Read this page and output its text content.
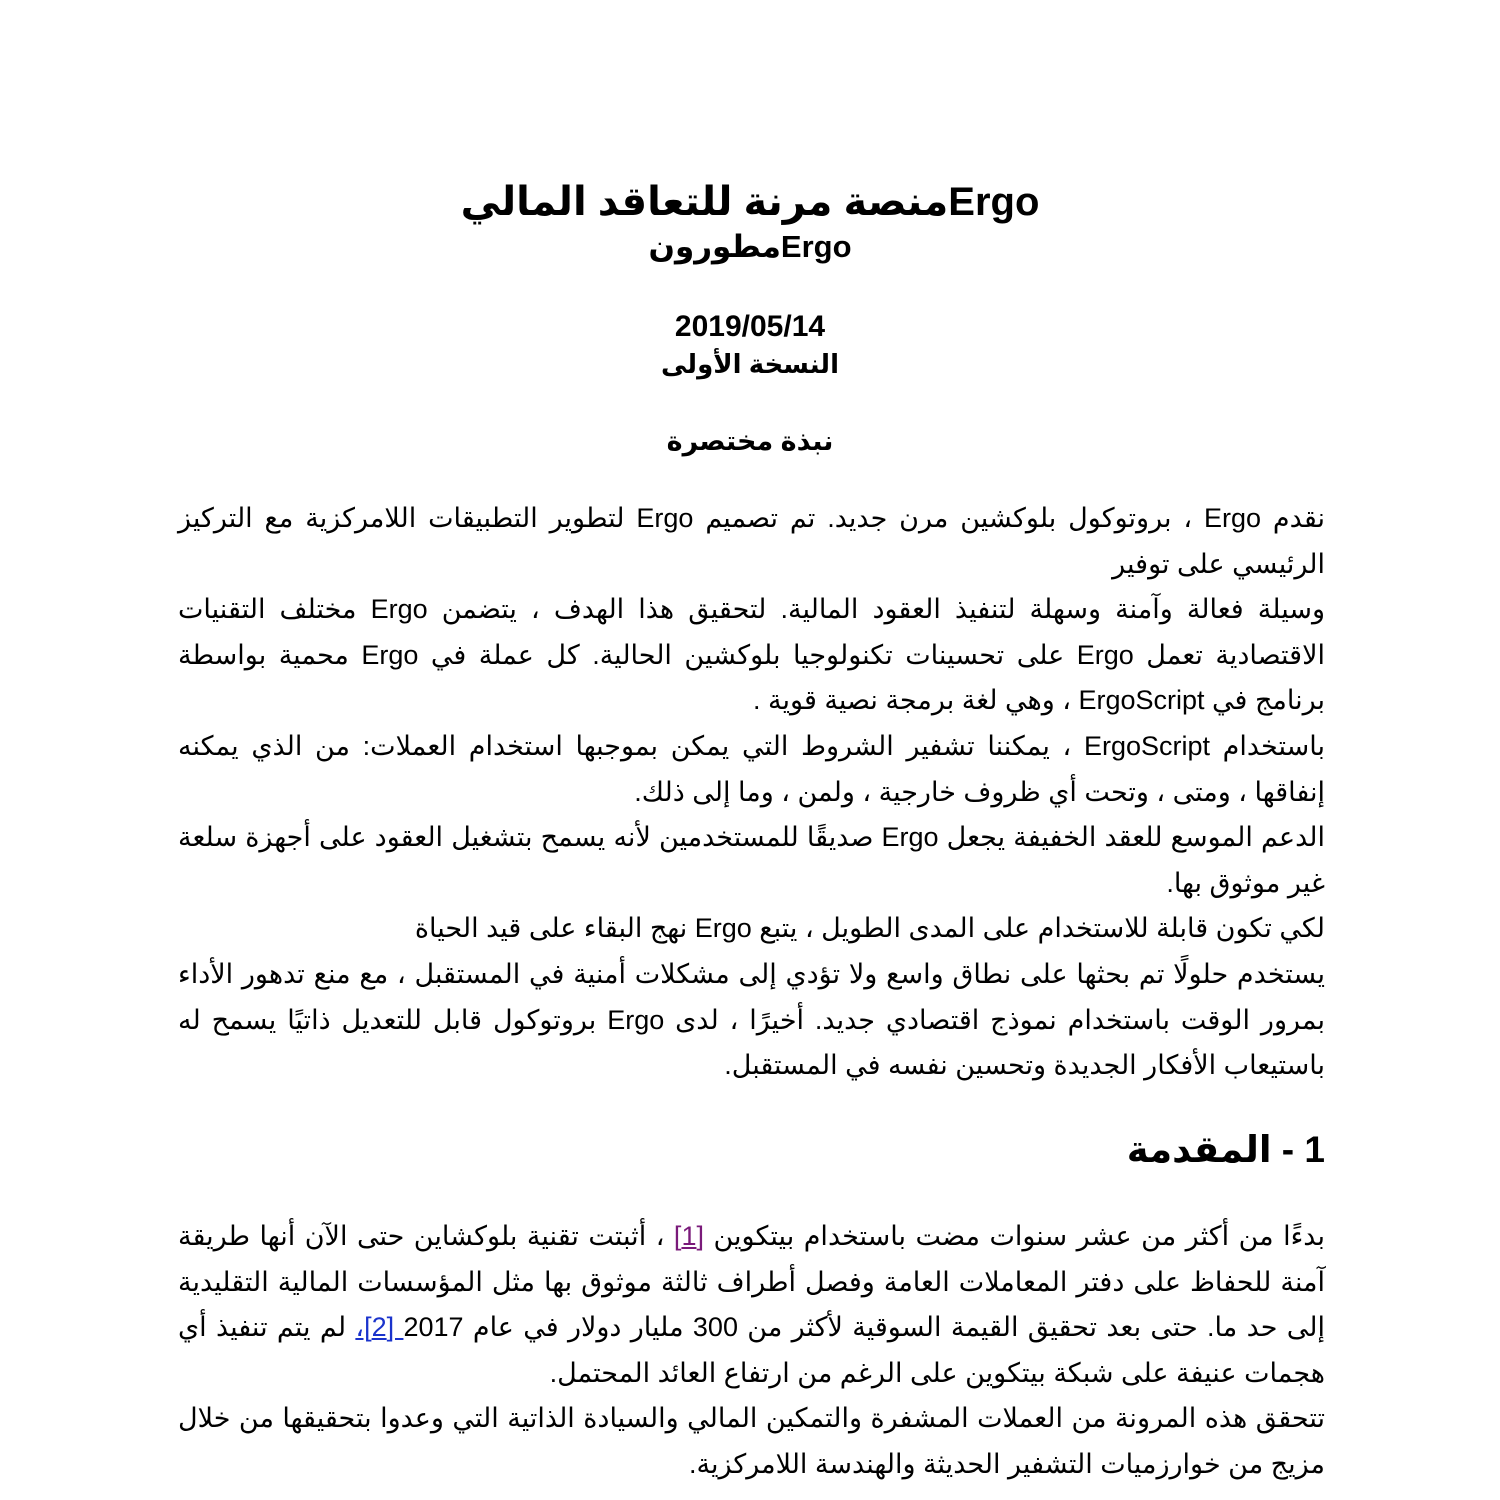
Ergoمنصة مرنة للتعاقد المالي
Ergoمطورون
2019/05/14
النسخة الأولى
نبذة مختصرة

نقدم Ergo ، بروتوكول بلوكشين مرن جديد. تم تصميم Ergo لتطوير التطبيقات اللامركزية مع التركيز الرئيسي على توفير

وسيلة فعالة وآمنة وسهلة لتنفيذ العقود المالية. لتحقيق هذا الهدف ، يتضمن Ergo مختلف التقنيات الاقتصادية تعمل Ergo على تحسينات تكنولوجيا بلوكشين الحالية. كل عملة في Ergo محمية بواسطة برنامج في ErgoScript ، وهي لغة برمجة نصية قوية .

باستخدام ErgoScript ، يمكننا تشفير الشروط التي يمكن بموجبها استخدام العملات: من الذي يمكنه إنفاقها ، ومتى ، وتحت أي ظروف خارجية ، ولمن ، وما إلى ذلك.

الدعم الموسع للعقد الخفيفة يجعل Ergo صديقًا للمستخدمين لأنه يسمح بتشغيل العقود على أجهزة سلعة غير موثوق بها.

لكي تكون قابلة للاستخدام على المدى الطويل ، يتبع Ergo نهج البقاء على قيد الحياة

يستخدم حلولًا تم بحثها على نطاق واسع ولا تؤدي إلى مشكلات أمنية في المستقبل ، مع منع تدهور الأداء بمرور الوقت باستخدام نموذج اقتصادي جديد. أخيرًا ، لدى Ergo بروتوكول قابل للتعديل ذاتيًا يسمح له باستيعاب الأفكار الجديدة وتحسين نفسه في المستقبل.

1 - المقدمة

بدءًا من أكثر من عشر سنوات مضت باستخدام بيتكوين [1] ، أثبتت تقنية بلوكشاين حتى الآن أنها طريقة آمنة للحفاظ على دفتر المعاملات العامة وفصل أطراف ثالثة موثوق بها مثل المؤسسات المالية التقليدية إلى حد ما. حتى بعد تحقيق القيمة السوقية لأكثر من 300 مليار دولار في عام 2017 [2]، لم يتم تنفيذ أي هجمات عنيفة على شبكة بيتكوين على الرغم من ارتفاع العائد المحتمل.

تتحقق هذه المرونة من العملات المشفرة والتمكين المالي والسيادة الذاتية التي وعدوا بتحقيقها من خلال مزيج من خوارزميات التشفير الحديثة والهندسة اللامركزية.
